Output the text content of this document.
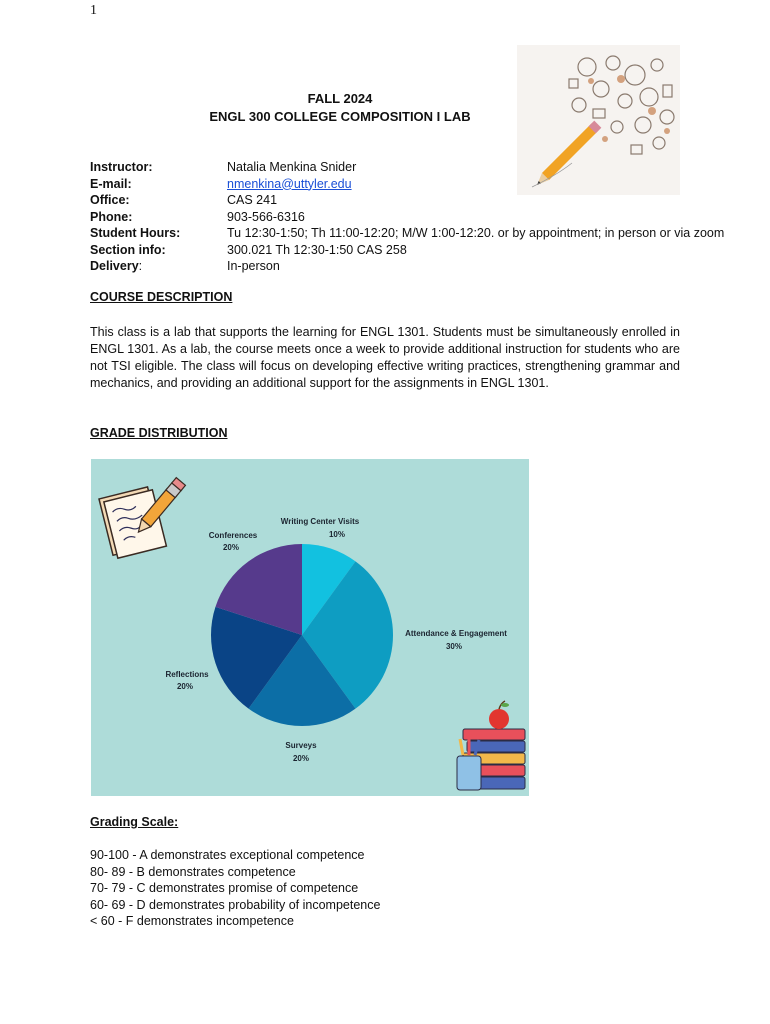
1
FALL 2024
ENGL 300 COLLEGE COMPOSITION I LAB
Instructor:	Natalia Menkina Snider
E-mail:	nmenkina@uttyler.edu
Office:	CAS 241
Phone:	903-566-6316
Student Hours:	Tu 12:30-1:50; Th 11:00-12:20; M/W 1:00-12:20. or by appointment; in person or via zoom
Section info:	300.021 Th 12:30-1:50 CAS 258
Delivery:	In-person
COURSE DESCRIPTION
This class is a lab that supports the learning for ENGL 1301. Students must be simultaneously enrolled in ENGL 1301. As a lab, the course meets once a week to provide additional instruction for students who are not TSI eligible. The class will focus on developing effective writing practices, strengthening grammar and mechanics, and providing an additional support for the assignments in ENGL 1301.
GRADE DISTRIBUTION
Writing Center Visits
10%
Attendance & Engagement
30%
Surveys
20%
Reflections
20%
Conferences
20%
Grading Scale:
90-100 - A demonstrates exceptional competence
80- 89 - B demonstrates competence
70- 79 - C demonstrates promise of competence
60- 69 - D demonstrates probability of incompetence
< 60 - F demonstrates incompetence
